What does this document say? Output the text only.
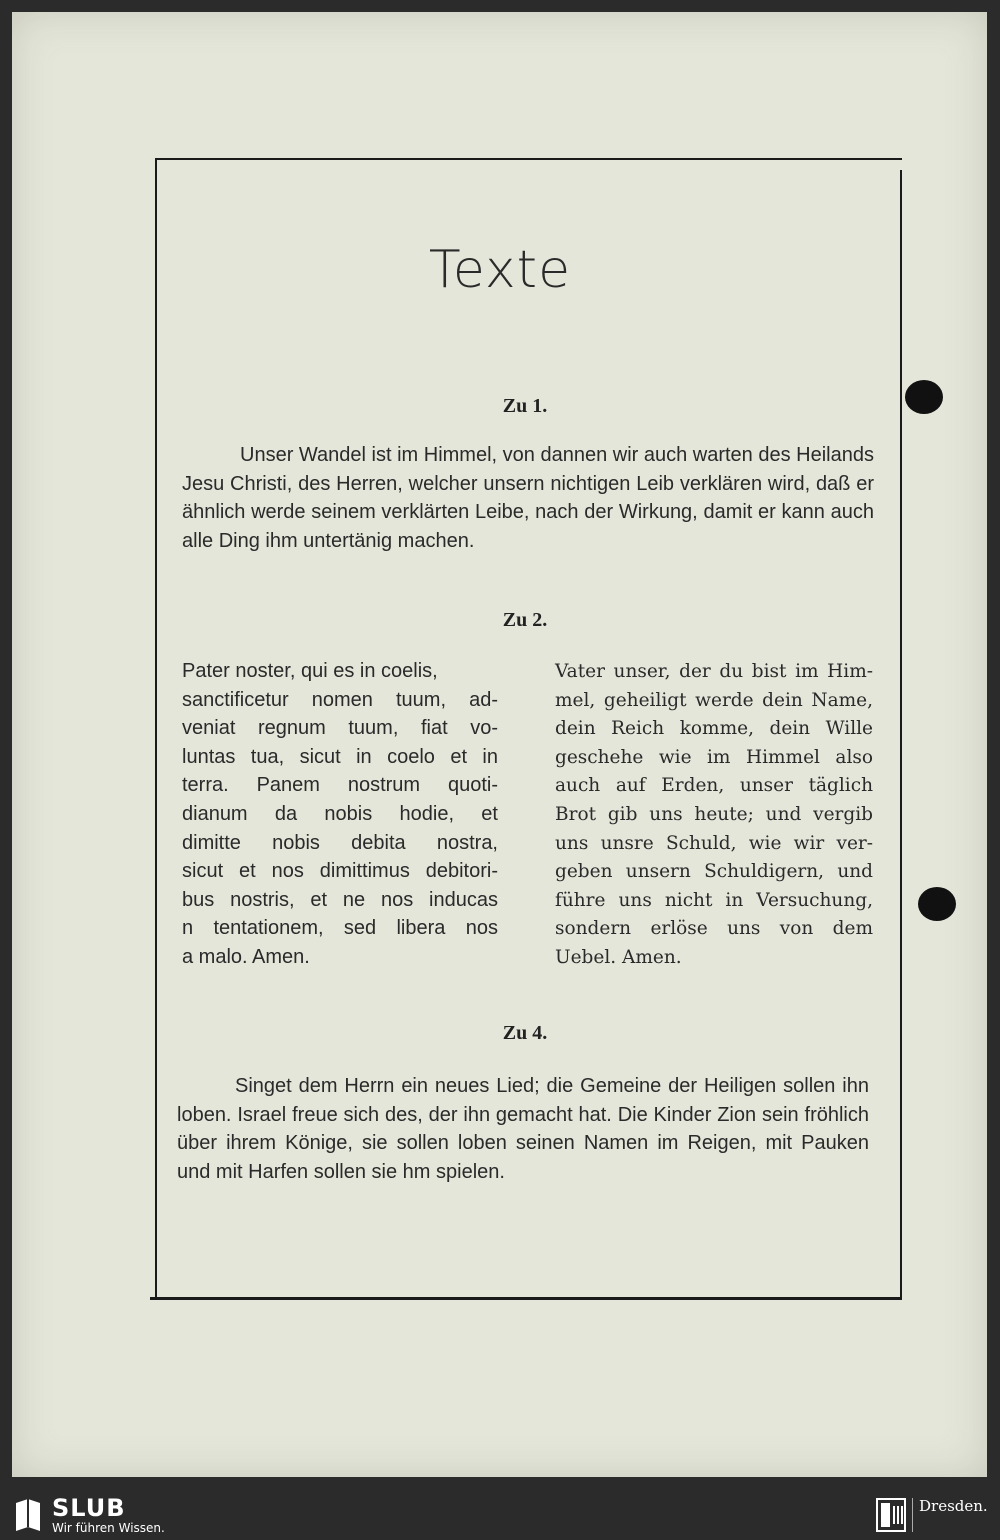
Texte
Zu 1.

Unser Wandel ist im Himmel, von dannen wir auch warten des Heilands Jesu Christi, des Herren, welcher unsern nichtigen Leib verklären wird, daß er ähnlich werde seinem verklärten Leibe, nach der Wirkung, damit er kann auch alle Ding ihm untertänig machen.

Zu 2.
Pater noster, qui es in coelis,
sanctificetur nomen tuum, ad-
veniat regnum tuum, fiat vo-
luntas tua, sicut in coelo et in
terra. Panem nostrum quoti-
dianum da nobis hodie, et
dimitte nobis debita nostra,
sicut et nos dimittimus debitori-
bus nostris, et ne nos inducas
n tentationem, sed libera nos
a malo. Amen.
Vater unser, der du bist im Him-
mel, geheiligt werde dein Name,
dein Reich komme, dein Wille
geschehe wie im Himmel also
auch auf Erden, unser täglich
Brot gib uns heute; und vergib
uns unsre Schuld, wie wir ver-
geben unsern Schuldigern, und
führe uns nicht in Versuchung,
sondern erlöse uns von dem
Uebel. Amen.
Zu 4.

Singet dem Herrn ein neues Lied; die Gemeine der Heiligen sollen ihn loben. Israel freue sich des, der ihn gemacht hat. Die Kinder Zion sein fröhlich über ihrem Könige, sie sollen loben seinen Namen im Reigen, mit Pauken und mit Harfen sollen sie hm spielen.

SLUB
Wir führen Wissen.
Dresden.
